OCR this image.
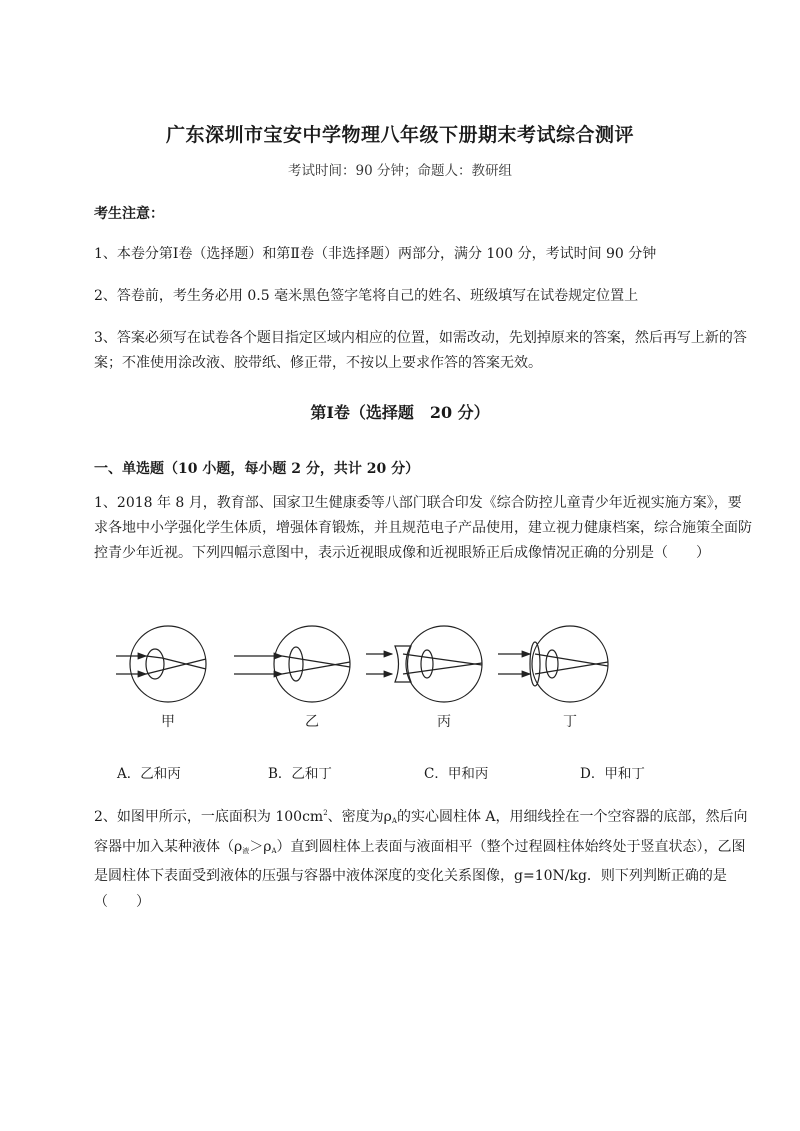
广东深圳市宝安中学物理八年级下册期末考试综合测评
考试时间：90 分钟；命题人：教研组
考生注意：
1、本卷分第Ⅰ卷（选择题）和第Ⅱ卷（非选择题）两部分，满分 100 分，考试时间 90 分钟
2、答卷前，考生务必用 0.5 毫米黑色签字笔将自己的姓名、班级填写在试卷规定位置上
3、答案必须写在试卷各个题目指定区域内相应的位置，如需改动，先划掉原来的答案，然后再写上新的答案；不准使用涂改液、胶带纸、修正带，不按以上要求作答的答案无效。
第Ⅰ卷（选择题　20 分）
一、单选题（10 小题，每小题 2 分，共计 20 分）
1、2018 年 8 月，教育部、国家卫生健康委等八部门联合印发《综合防控儿童青少年近视实施方案》，要求各地中小学强化学生体质，增强体育锻炼，并且规范电子产品使用，建立视力健康档案，综合施策全面防控青少年近视。下列四幅示意图中，表示近视眼成像和近视眼矫正后成像情况正确的分别是（　　）
甲	乙	丙	丁
A．乙和丙	B．乙和丁	C．甲和丙	D．甲和丁
2、如图甲所示，一底面积为 $100cm^2$、密度为$\rho_A$的实心圆柱体 A，用细线拴在一个空容器的底部，然后向容器中加入某种液体$(\rho_液>\rho_A)$直到圆柱体上表面与液面相平（整个过程圆柱体始终处于竖直状态），乙图是圆柱体下表面受到液体的压强与容器中液体深度的变化关系图像，g=10N/kg．则下列判断正确的是（　　）
